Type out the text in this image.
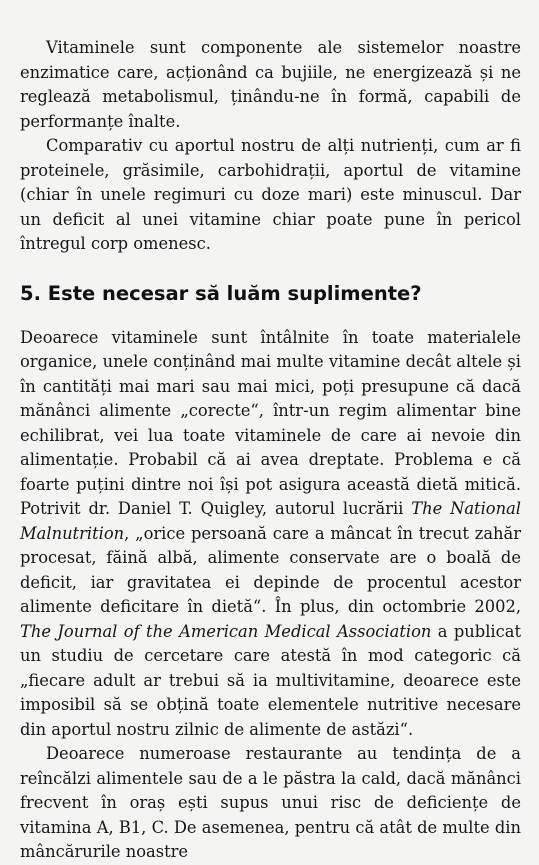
Vitaminele sunt componente ale sistemelor noastre enzimatice care, acționând ca bujiile, ne energizează și ne reglează metabolismul, ținându-ne în formă, capabili de performanțe înalte.

Comparativ cu aportul nostru de alți nutrienți, cum ar fi proteinele, grăsimile, carbohidrații, aportul de vitamine (chiar în unele regimuri cu doze mari) este minuscul. Dar un deficit al unei vitamine chiar poate pune în pericol întregul corp omenesc.

5. Este necesar să luăm suplimente?

Deoarece vitaminele sunt întâlnite în toate materialele organice, unele conținând mai multe vitamine decât altele și în cantități mai mari sau mai mici, poți presupune că dacă mănânci alimente „corecte“, într-un regim alimentar bine echilibrat, vei lua toate vitaminele de care ai nevoie din alimentație. Probabil că ai avea dreptate. Problema e că foarte puțini dintre noi își pot asigura această dietă mitică. Potrivit dr. Daniel T. Quigley, autorul lucrării The National Malnutrition, „orice persoană care a mâncat în trecut zahăr procesat, făină albă, alimente conservate are o boală de deficit, iar gravitatea ei depinde de procentul acestor alimente deficitare în dietă“. În plus, din octombrie 2002, The Journal of the American Medical Association a publicat un studiu de cercetare care atestă în mod categoric că „fiecare adult ar trebui să ia multivitamine, deoarece este imposibil să se obțină toate elementele nutritive necesare din aportul nostru zilnic de alimente de astăzi“.

Deoarece numeroase restaurante au tendința de a reîncălzi alimentele sau de a le păstra la cald, dacă mănânci frecvent în oraș ești supus unui risc de deficiențe de vitamina A, B1, C. De asemenea, pentru că atât de multe din mâncărurile noastre
